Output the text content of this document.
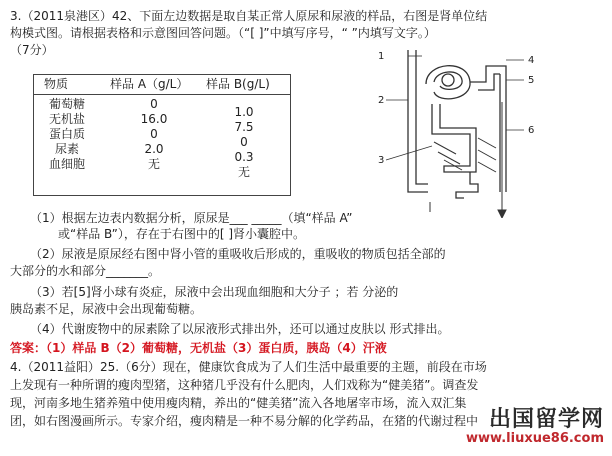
3.（2011泉港区）42、下面左边数据是取自某正常人原尿和尿液的样品，右图是肾单位结
构模式图。请根据表格和示意图回答问题。（“[ ]”中填写序号，“ ”内填写文字。）
（7分）
物质	样品 A（g/L） 样品 B(g/L)
葡萄糖
无机盐
蛋白质
尿素
血细胞
0
16.0
0
2.0
无
1.0
7.5
0
0.3
无
1
2
3
4
5
6
（1）根据左边表内数据分析，原尿是___ _____（填“样品 A”
或“样品 B”），存在于右图中的[ ]肾小囊腔中。
（2）尿液是原尿经右图中肾小管的重吸收后形成的，重吸收的物质包括全部的
大部分的水和部分_______。
（3）若[5]肾小球有炎症，尿液中会出现血细胞和大分子 ；若 分泌的
胰岛素不足，尿液中会出现葡萄糖。
（4）代谢废物中的尿素除了以尿液形式排出外，还可以通过皮肤以 形式排出。
答案：（1）样品 B（2）葡萄糖，无机盐（3）蛋白质，胰岛（4）汗液
4.（2011益阳）25.（6分）现在，健康饮食成为了人们生活中最重要的主题，前段在市场
上发现有一种所谓的瘦肉型猪，这种猪几乎没有什么肥肉，人们戏称为“健美猪”。调查发
现，河南多地生猪养殖中使用瘦肉精，养出的“健美猪”流入各地屠宰市场，流入双汇集
团，如右图漫画所示。专家介绍，瘦肉精是一种不易分解的化学药品，在猪的代谢过程中 出国留学网
www.liuxue86.com
